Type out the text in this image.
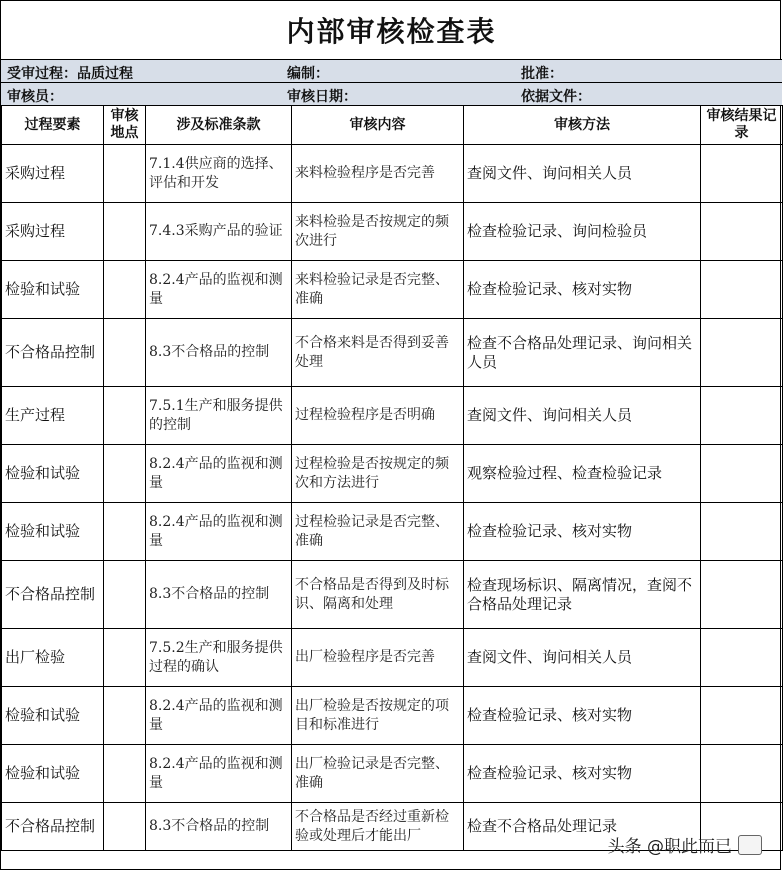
内部审核检查表
受审过程：品质过程	编制：	批准：
审核员：	审核日期：	依据文件：
过程要素	审核地点	涉及标准条款	审核内容	审核方法	审核结果记录
采购过程		7.1.4供应商的选择、评估和开发	来料检验程序是否完善	查阅文件、询问相关人员	
采购过程		7.4.3采购产品的验证	来料检验是否按规定的频次进行	检查检验记录、询问检验员	
检验和试验		8.2.4产品的监视和测量	来料检验记录是否完整、准确	检查检验记录、核对实物	
不合格品控制		8.3不合格品的控制	不合格来料是否得到妥善处理	检查不合格品处理记录、询问相关人员	
生产过程		7.5.1生产和服务提供的控制	过程检验程序是否明确	查阅文件、询问相关人员	
检验和试验		8.2.4产品的监视和测量	过程检验是否按规定的频次和方法进行	观察检验过程、检查检验记录	
检验和试验		8.2.4产品的监视和测量	过程检验记录是否完整、准确	检查检验记录、核对实物	
不合格品控制		8.3不合格品的控制	不合格品是否得到及时标识、隔离和处理	检查现场标识、隔离情况，查阅不合格品处理记录	
出厂检验		7.5.2生产和服务提供过程的确认	出厂检验程序是否完善	查阅文件、询问相关人员	
检验和试验		8.2.4产品的监视和测量	出厂检验是否按规定的项目和标准进行	检查检验记录、核对实物	
检验和试验		8.2.4产品的监视和测量	出厂检验记录是否完整、准确	检查检验记录、核对实物	
不合格品控制		8.3不合格品的控制	不合格品是否经过重新检验或处理后才能出厂	检查不合格品处理记录	
头条 @职此而已
